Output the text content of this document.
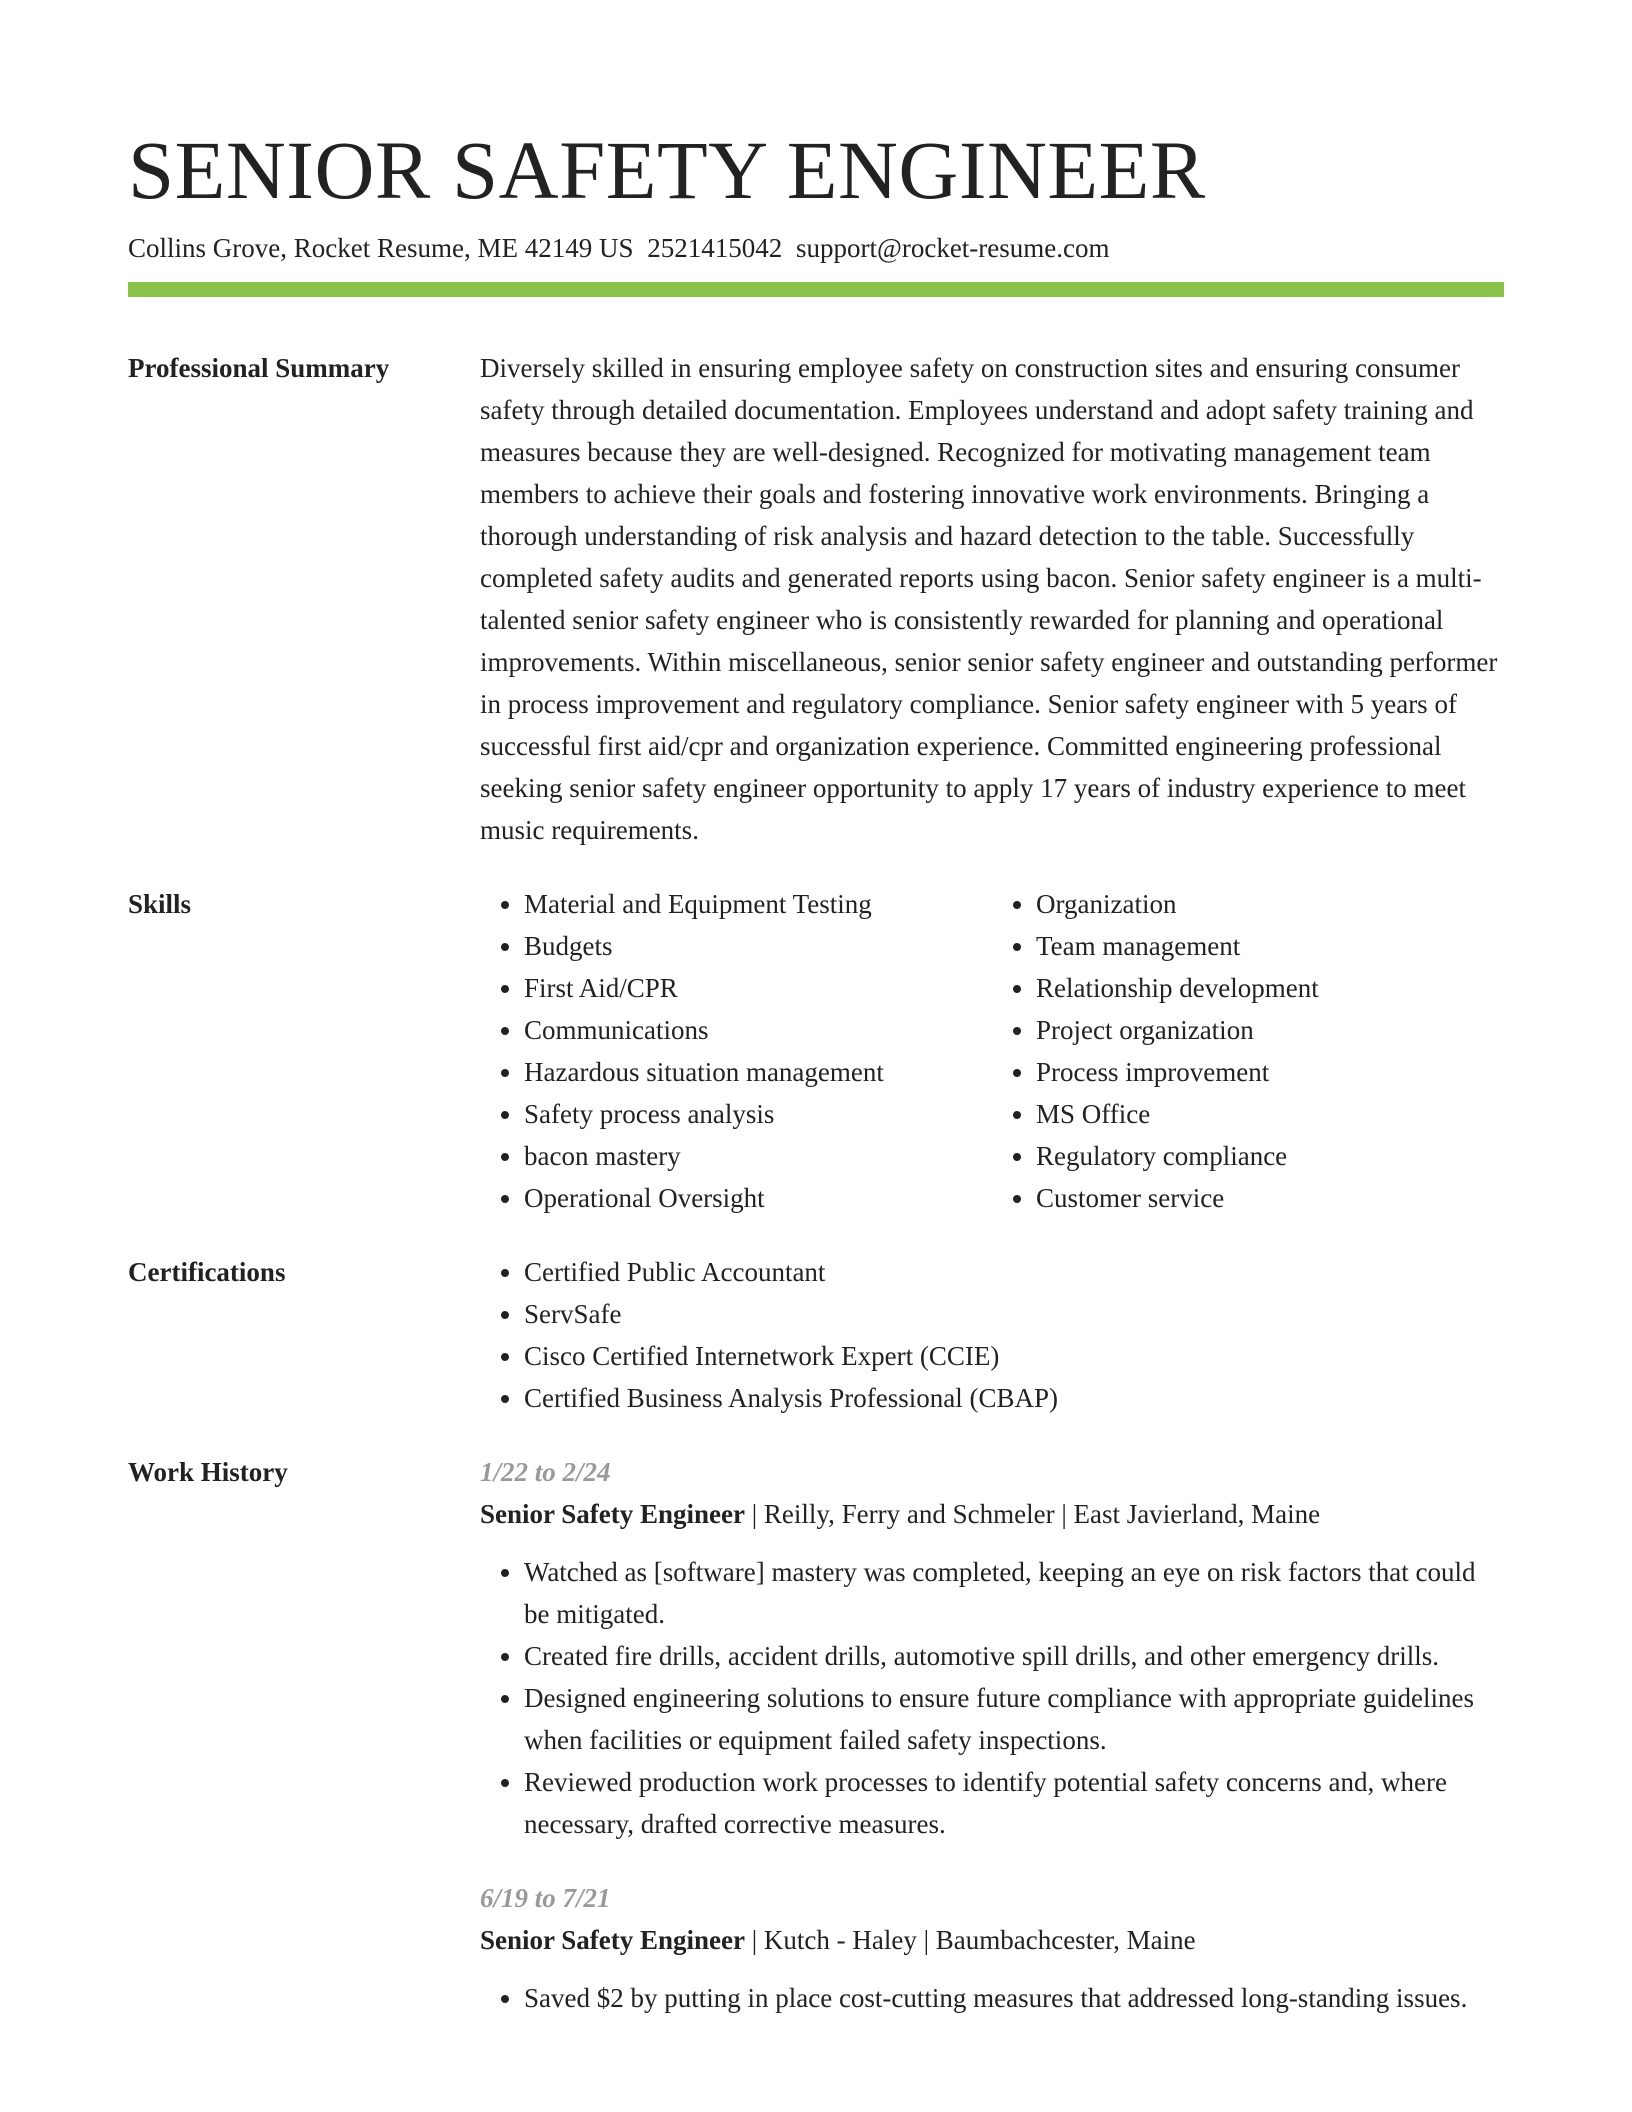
SENIOR SAFETY ENGINEER
Collins Grove, Rocket Resume, ME 42149 US 2521415042 support@rocket-resume.com
Professional Summary	Diversely skilled in ensuring employee safety on construction sites and ensuring consumer safety through detailed documentation. Employees understand and adopt safety training and measures because they are well-designed. Recognized for motivating management team members to achieve their goals and fostering innovative work environments. Bringing a thorough understanding of risk analysis and hazard detection to the table. Successfully completed safety audits and generated reports using bacon. Senior safety engineer is a multi-talented senior safety engineer who is consistently rewarded for planning and operational improvements. Within miscellaneous, senior senior safety engineer and outstanding performer in process improvement and regulatory compliance. Senior safety engineer with 5 years of successful first aid/cpr and organization experience. Committed engineering professional seeking senior safety engineer opportunity to apply 17 years of industry experience to meet music requirements.
Skills	• Material and Equipment Testing
• Budgets
• First Aid/CPR
• Communications
• Hazardous situation management
• Safety process analysis
• bacon mastery
• Operational Oversight
• Organization
• Team management
• Relationship development
• Project organization
• Process improvement
• MS Office
• Regulatory compliance
• Customer service
Certifications	• Certified Public Accountant
• ServSafe
• Cisco Certified Internetwork Expert (CCIE)
• Certified Business Analysis Professional (CBAP)
Work History	1/22 to 2/24
Senior Safety Engineer | Reilly, Ferry and Schmeler | East Javierland, Maine
• Watched as [software] mastery was completed, keeping an eye on risk factors that could be mitigated.
• Created fire drills, accident drills, automotive spill drills, and other emergency drills.
• Designed engineering solutions to ensure future compliance with appropriate guidelines when facilities or equipment failed safety inspections.
• Reviewed production work processes to identify potential safety concerns and, where necessary, drafted corrective measures.
6/19 to 7/21
Senior Safety Engineer | Kutch - Haley | Baumbachcester, Maine
• Saved $2 by putting in place cost-cutting measures that addressed long-standing issues.
